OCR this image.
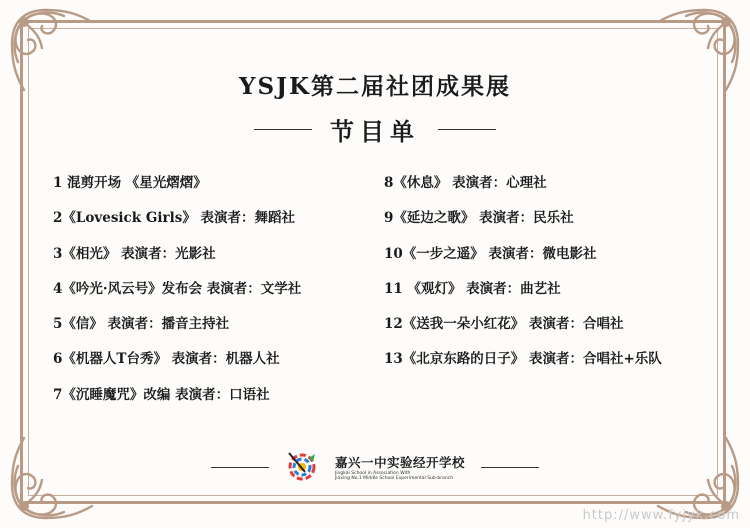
YSJK第二届社团成果展
节目单
1 混剪开场 《星光熠熠》
2《Lovesick Girls》 表演者：舞蹈社
3《相光》 表演者：光影社
4《吟光·风云号》发布会 表演者：文学社
5《信》 表演者：播音主持社
6《机器人T台秀》 表演者：机器人社
7《沉睡魔咒》改编 表演者：口语社
8《休息》 表演者：心理社
9《延边之歌》 表演者：民乐社
10《一步之遥》 表演者：微电影社
11 《观灯》 表演者：曲艺社
12《送我一朵小红花》 表演者：合唱社
13《北京东路的日子》 表演者：合唱社+乐队
嘉兴一中实验经开学校
Jingkai School in Association With
Jiaxing No.1 Middle School Experimental Sub-branch
http://www.fyjyk.com
